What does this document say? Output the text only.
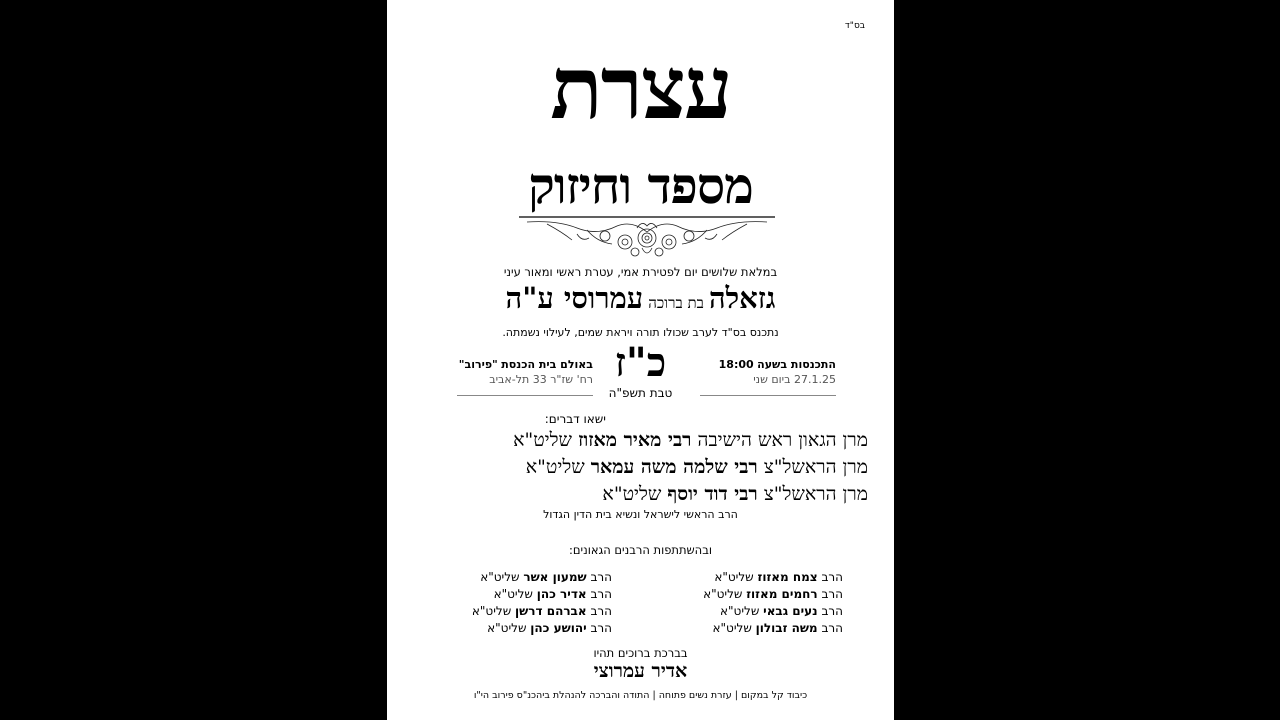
בס"ד
עצרת
מספד וחיזוק
במלאת שלושים יום לפטירת אמי, עטרת ראשי ומאור עיני
גזאלה בת ברוכה עמרוסי ע"ה
נתכנס בס"ד לערב שכולו תורה ויראת שמים, לעילוי נשמתה.
התכנסות בשעה 18:00
27.1.25 ביום שני
כ"ז
טבת תשפ"ה
באולם בית הכנסת "פירוב"
רח' שז"ר 33 תל-אביב
ישאו דברים:
מרן הגאון ראש הישיבה רבי מאיר מאזוז שליט"א
מרן הראשל"צ רבי שלמה משה עמאר שליט"א
מרן הראשל"צ רבי דוד יוסף שליט"א
הרב הראשי לישראל ונשיא בית הדין הגדול
ובהשתתפות הרבנים הגאונים:
הרב צמח מאזוז שליט"א
הרב רחמים מאזוז שליט"א
הרב נעים גבאי שליט"א
הרב משה זבולון שליט"א
הרב שמעון אשר שליט"א
הרב אדיר כהן שליט"א
הרב אברהם דרשן שליט"א
הרב יהושע כהן שליט"א
בברכת ברוכים תהיו
אדיר עמרוצי
כיבוד קל במקום | עזרת נשים פתוחה | התודה והברכה להנהלת ביהכנ"ס פירוב הי"ו
